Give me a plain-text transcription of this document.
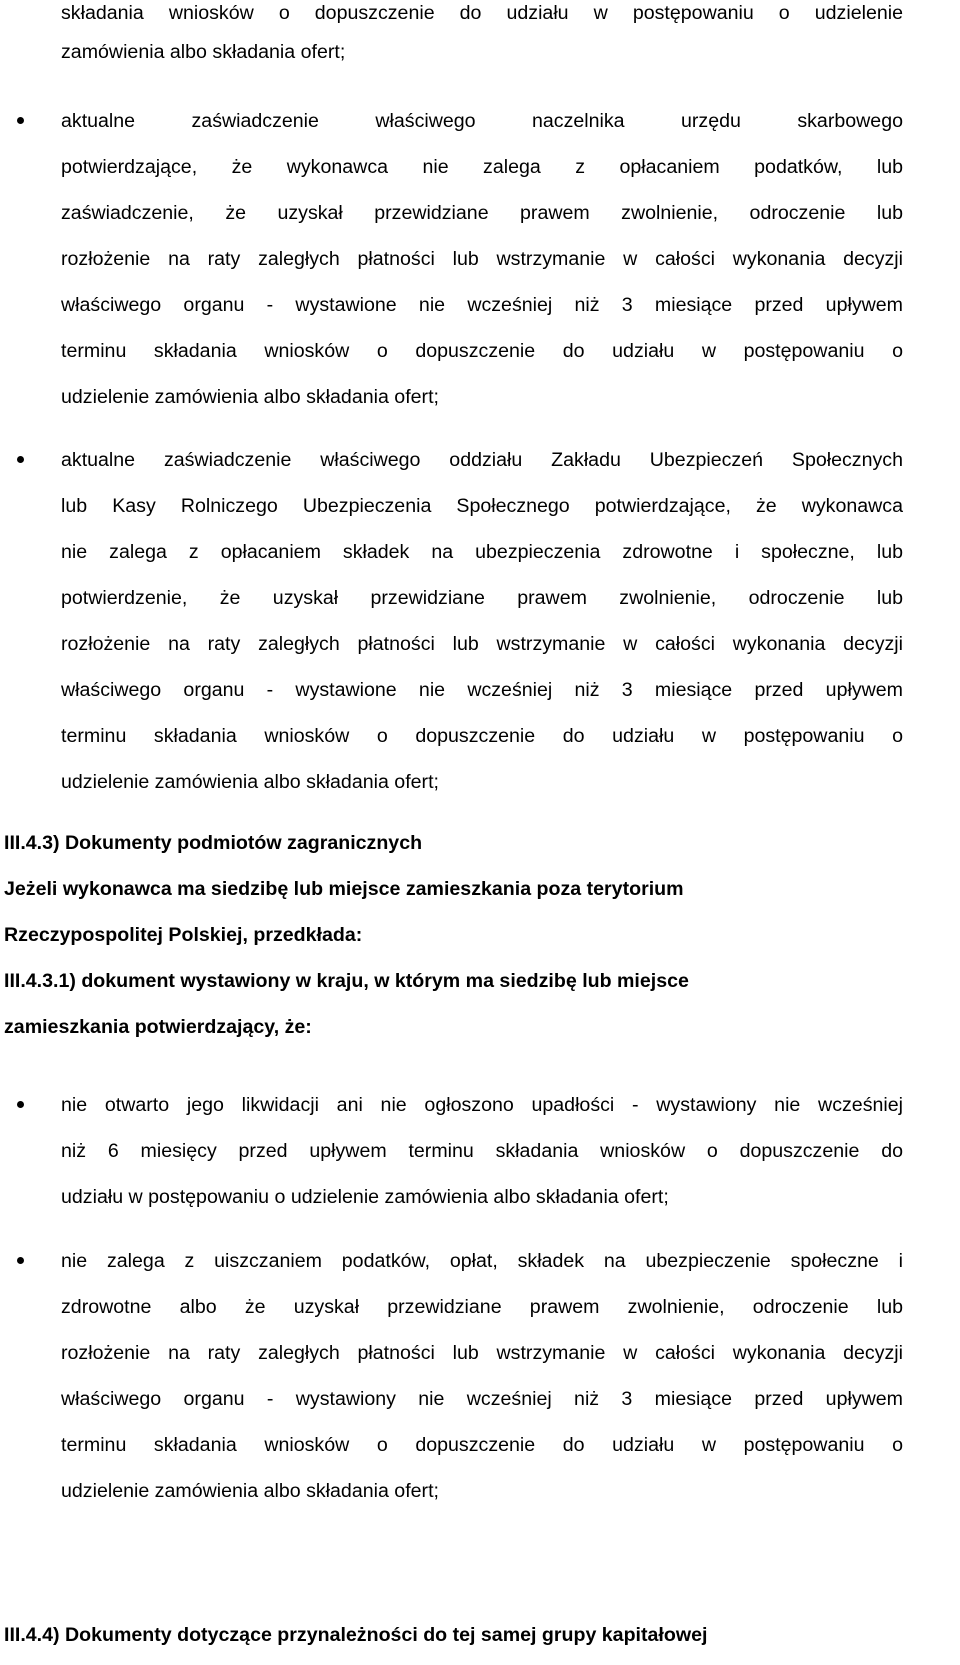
składania wniosków o dopuszczenie do udziału w postępowaniu o udzielenie
zamówienia albo składania ofert;
aktualne zaświadczenie właściwego naczelnika urzędu skarbowego
potwierdzające, że wykonawca nie zalega z opłacaniem podatków, lub
zaświadczenie, że uzyskał przewidziane prawem zwolnienie, odroczenie lub
rozłożenie na raty zaległych płatności lub wstrzymanie w całości wykonania decyzji
właściwego organu - wystawione nie wcześniej niż 3 miesiące przed upływem
terminu składania wniosków o dopuszczenie do udziału w postępowaniu o
udzielenie zamówienia albo składania ofert;
aktualne zaświadczenie właściwego oddziału Zakładu Ubezpieczeń Społecznych
lub Kasy Rolniczego Ubezpieczenia Społecznego potwierdzające, że wykonawca
nie zalega z opłacaniem składek na ubezpieczenia zdrowotne i społeczne, lub
potwierdzenie, że uzyskał przewidziane prawem zwolnienie, odroczenie lub
rozłożenie na raty zaległych płatności lub wstrzymanie w całości wykonania decyzji
właściwego organu - wystawione nie wcześniej niż 3 miesiące przed upływem
terminu składania wniosków o dopuszczenie do udziału w postępowaniu o
udzielenie zamówienia albo składania ofert;
III.4.3) Dokumenty podmiotów zagranicznych
Jeżeli wykonawca ma siedzibę lub miejsce zamieszkania poza terytorium
Rzeczypospolitej Polskiej, przedkłada:
III.4.3.1) dokument wystawiony w kraju, w którym ma siedzibę lub miejsce
zamieszkania potwierdzający, że:
nie otwarto jego likwidacji ani nie ogłoszono upadłości - wystawiony nie wcześniej
niż 6 miesięcy przed upływem terminu składania wniosków o dopuszczenie do
udziału w postępowaniu o udzielenie zamówienia albo składania ofert;
nie zalega z uiszczaniem podatków, opłat, składek na ubezpieczenie społeczne i
zdrowotne albo że uzyskał przewidziane prawem zwolnienie, odroczenie lub
rozłożenie na raty zaległych płatności lub wstrzymanie w całości wykonania decyzji
właściwego organu - wystawiony nie wcześniej niż 3 miesiące przed upływem
terminu składania wniosków o dopuszczenie do udziału w postępowaniu o
udzielenie zamówienia albo składania ofert;
III.4.4) Dokumenty dotyczące przynależności do tej samej grupy kapitałowej
